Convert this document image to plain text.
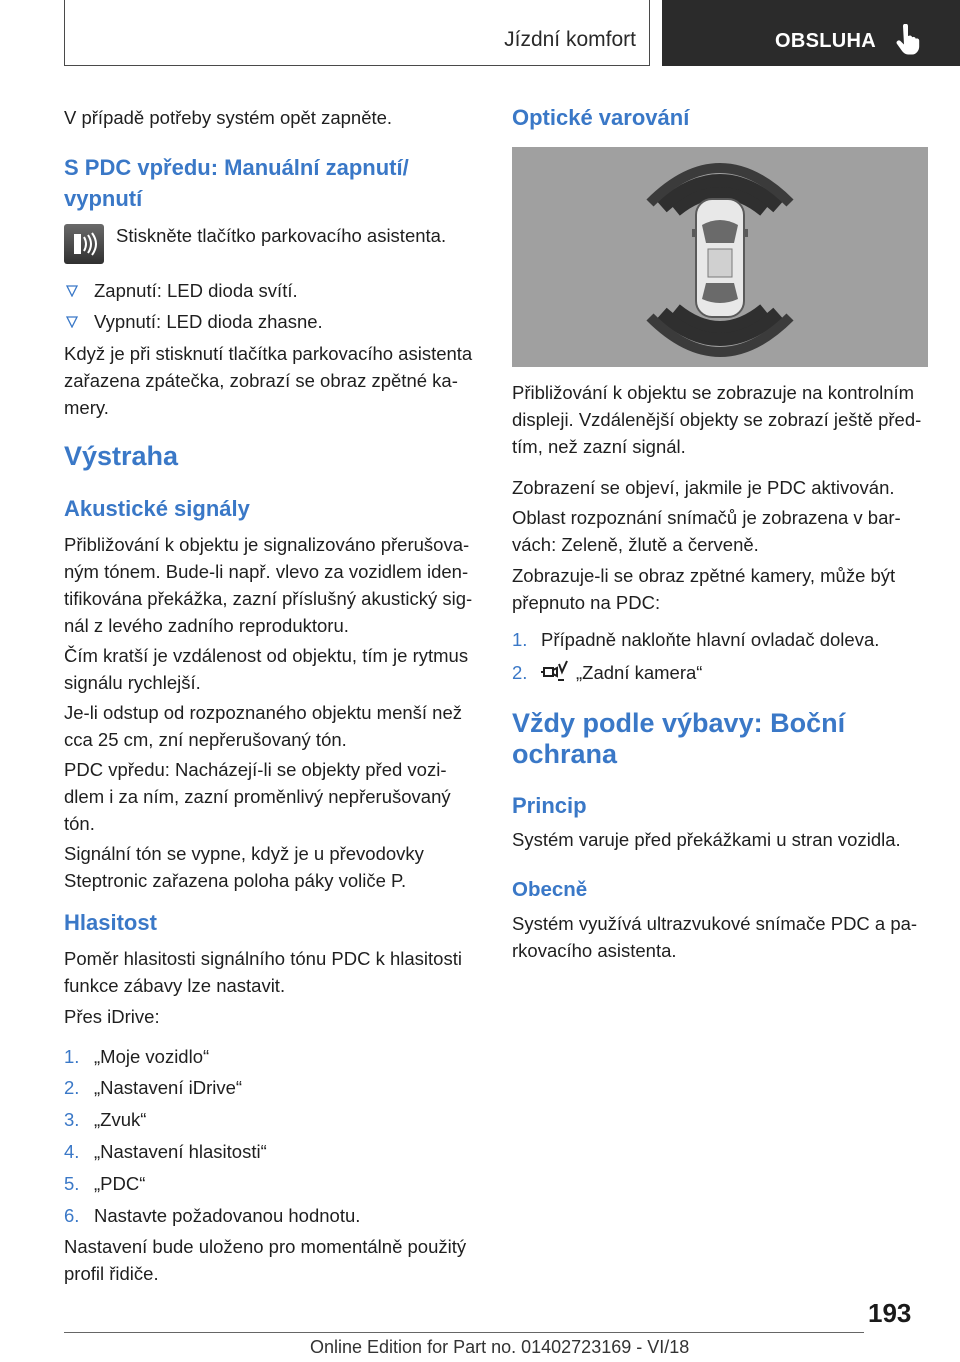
Jízdní komfort	OBSLUHA
V případě potřeby systém opět zapněte.
S PDC vpředu: Manuální zapnutí/
vypnutí
Stiskněte tlačítko parkovacího asistenta.
Zapnutí: LED dioda svítí.
Vypnutí: LED dioda zhasne.
Když je při stisknutí tlačítka parkovacího asistenta
zařazena zpátečka, zobrazí se obraz zpětné ka-
mery.
Výstraha
Akustické signály
Přibližování k objektu je signalizováno přerušova-
ným tónem. Bude-li např. vlevo za vozidlem iden-
tifikována překážka, zazní příslušný akustický sig-
nál z levého zadního reproduktoru.
Čím kratší je vzdálenost od objektu, tím je rytmus
signálu rychlejší.
Je-li odstup od rozpoznaného objektu menší než
cca 25 cm, zní nepřerušovaný tón.
PDC vpředu: Nacházejí-li se objekty před vozi-
dlem i za ním, zazní proměnlivý nepřerušovaný
tón.
Signální tón se vypne, když je u převodovky
Steptronic zařazena poloha páky voliče P.
Hlasitost
Poměr hlasitosti signálního tónu PDC k hlasitosti
funkce zábavy lze nastavit.
Přes iDrive:
1. „Moje vozidlo“
2. „Nastavení iDrive“
3. „Zvuk“
4. „Nastavení hlasitosti“
5. „PDC“
6. Nastavte požadovanou hodnotu.
Nastavení bude uloženo pro momentálně použitý
profil řidiče.
Optické varování
Přibližování k objektu se zobrazuje na kontrolním
displeji. Vzdálenější objekty se zobrazí ještě před-
tím, než zazní signál.
Zobrazení se objeví, jakmile je PDC aktivován.
Oblast rozpoznání snímačů je zobrazena v bar-
vách: Zeleně, žlutě a červeně.
Zobrazuje-li se obraz zpětné kamery, může být
přepnuto na PDC:
1. Případně nakloňte hlavní ovladač doleva.
2.	„Zadní kamera“
Vždy podle výbavy: Boční
ochrana
Princip
Systém varuje před překážkami u stran vozidla.
Obecně
Systém využívá ultrazvukové snímače PDC a pa-
rkovacího asistenta.
193
Online Edition for Part no. 01402723169 - VI/18
